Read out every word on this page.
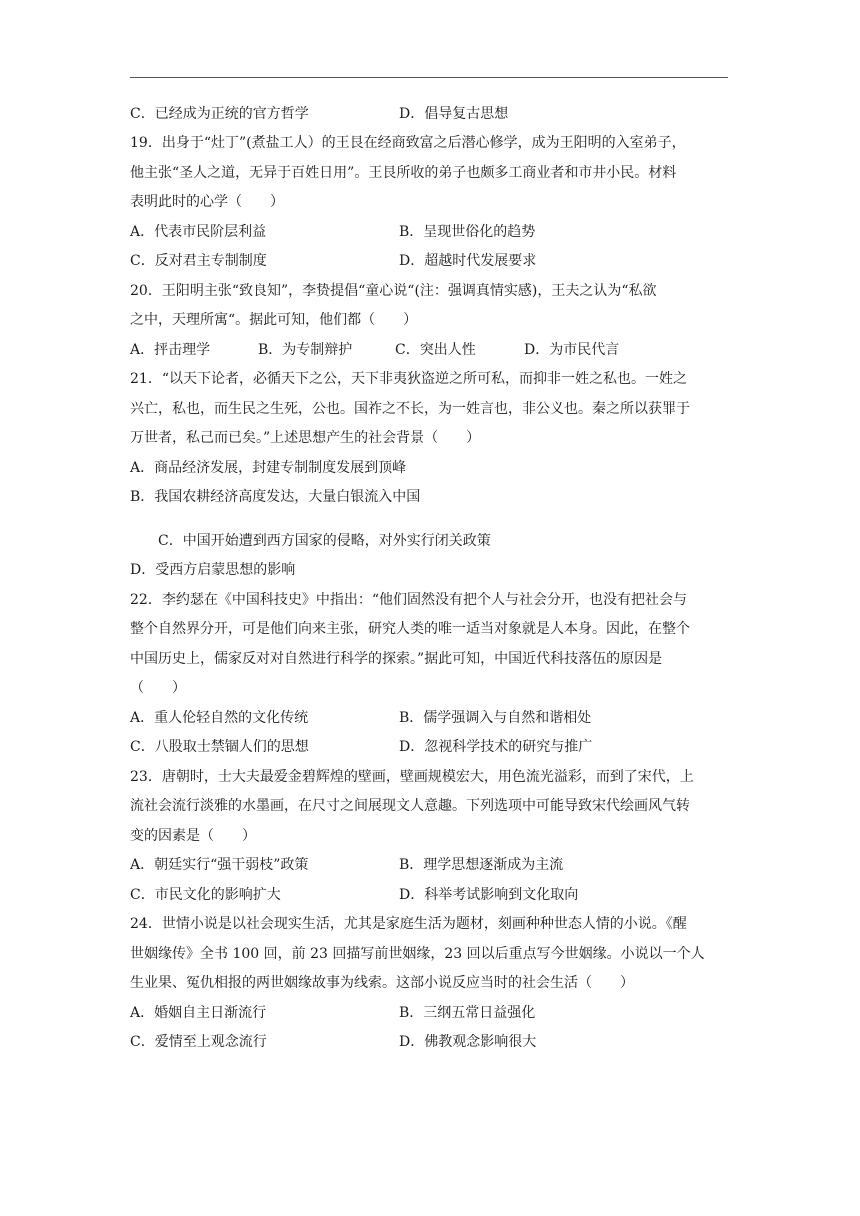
C．已经成为正统的官方哲学	D．倡导复古思想
19．出身于“灶丁”(煮盐工人）的王艮在经商致富之后潜心修学，成为王阳明的入室弟子，
他主张“圣人之道，无异于百姓日用”。王艮所收的弟子也颇多工商业者和市井小民。材料
表明此时的心学（　　）
A．代表市民阶层利益	B．呈现世俗化的趋势
C．反对君主专制制度	D．超越时代发展要求
20．王阳明主张“致良知”，李贽提倡“童心说“(注：强调真情实感)，王夫之认为“私欲
之中，天理所寓“。据此可知，他们都（　　）
A．抨击理学	B．为专制辩护	C．突出人性	D．为市民代言
21．“以天下论者，必循天下之公，天下非夷狄盗逆之所可私，而抑非一姓之私也。一姓之
兴亡，私也，而生民之生死，公也。国祚之不长，为一姓言也，非公义也。秦之所以获罪于
万世者，私己而已矣。”上述思想产生的社会背景（　　）
A．商品经济发展，封建专制制度发展到顶峰
B．我国农耕经济高度发达，大量白银流入中国
C．中国开始遭到西方国家的侵略，对外实行闭关政策
D．受西方启蒙思想的影响
22．李约瑟在《中国科技史》中指出：“他们固然没有把个人与社会分开，也没有把社会与
整个自然界分开，可是他们向来主张，研究人类的唯一适当对象就是人本身。因此，在整个
中国历史上，儒家反对对自然进行科学的探索。”据此可知，中国近代科技落伍的原因是
（　　）
A．重人伦轻自然的文化传统	B．儒学强调入与自然和谐相处
C．八股取士禁锢人们的思想	D．忽视科学技术的研究与推广
23．唐朝时，士大夫最爱金碧辉煌的壁画，壁画规模宏大，用色流光溢彩，而到了宋代，上
流社会流行淡雅的水墨画，在尺寸之间展现文人意趣。下列选项中可能导致宋代绘画风气转
变的因素是（　　）
A．朝廷实行“强干弱枝”政策	B．理学思想逐渐成为主流
C．市民文化的影响扩大	D．科举考试影响到文化取向
24．世情小说是以社会现实生活，尤其是家庭生活为题材，刻画种种世态人情的小说。《醒
世姻缘传》全书 100 回，前 23 回描写前世姻缘，23 回以后重点写今世姻缘。小说以一个人
生业果、冤仇相报的两世姻缘故事为线索。这部小说反应当时的社会生活（　　）
A．婚姻自主日渐流行	B．三纲五常日益强化
C．爱情至上观念流行	D．佛教观念影响很大
